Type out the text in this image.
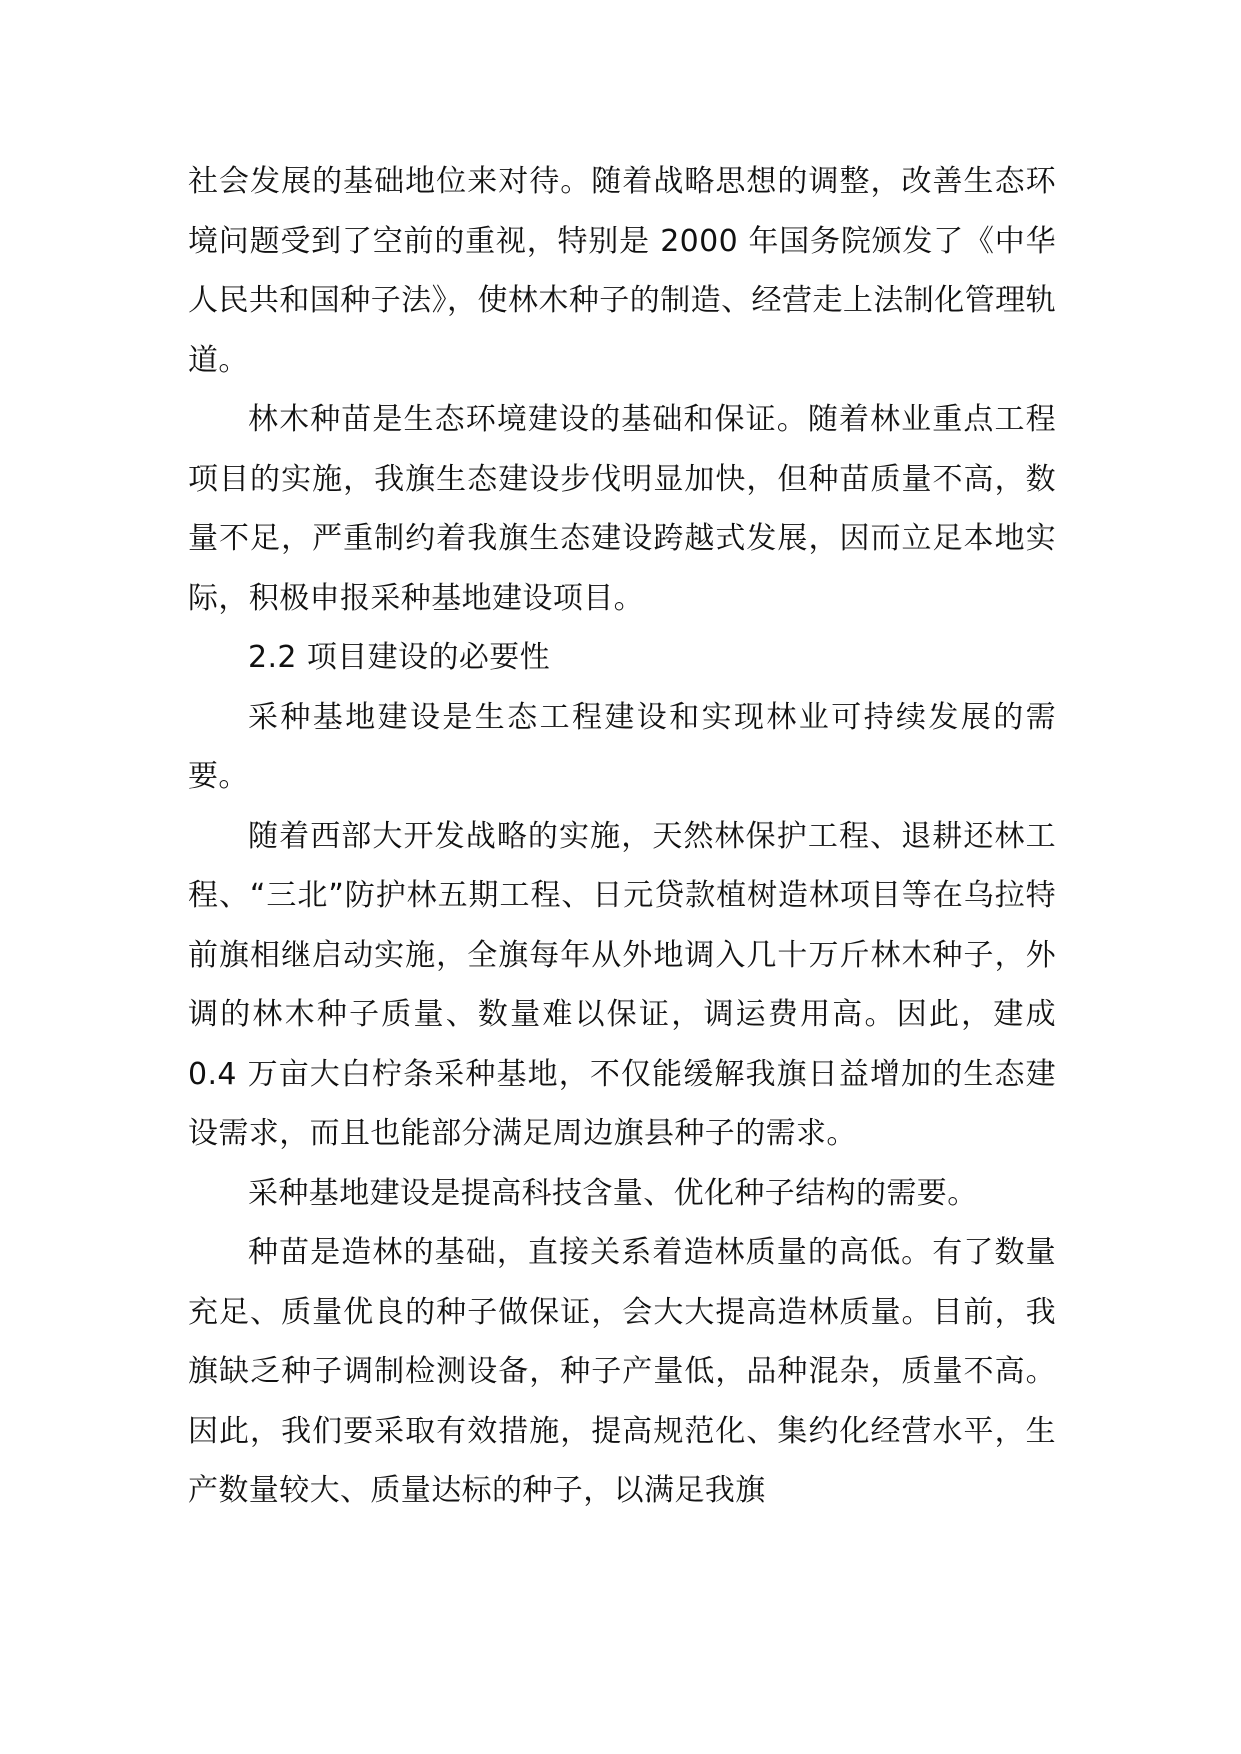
社会发展的基础地位来对待。随着战略思想的调整，改善生态环境问题受到了空前的重视，特别是 2000 年国务院颁发了《中华人民共和国种子法》，使林木种子的制造、经营走上法制化管理轨道。

林木种苗是生态环境建设的基础和保证。随着林业重点工程项目的实施，我旗生态建设步伐明显加快，但种苗质量不高，数量不足，严重制约着我旗生态建设跨越式发展，因而立足本地实际，积极申报采种基地建设项目。

2.2 项目建设的必要性

采种基地建设是生态工程建设和实现林业可持续发展的需要。

随着西部大开发战略的实施，天然林保护工程、退耕还林工程、“三北”防护林五期工程、日元贷款植树造林项目等在乌拉特前旗相继启动实施，全旗每年从外地调入几十万斤林木种子，外调的林木种子质量、数量难以保证，调运费用高。因此，建成 0.4 万亩大白柠条采种基地，不仅能缓解我旗日益增加的生态建设需求，而且也能部分满足周边旗县种子的需求。

采种基地建设是提高科技含量、优化种子结构的需要。

种苗是造林的基础，直接关系着造林质量的高低。有了数量充足、质量优良的种子做保证，会大大提高造林质量。目前，我旗缺乏种子调制检测设备，种子产量低，品种混杂，质量不高。因此，我们要采取有效措施，提高规范化、集约化经营水平，生产数量较大、质量达标的种子，以满足我旗
